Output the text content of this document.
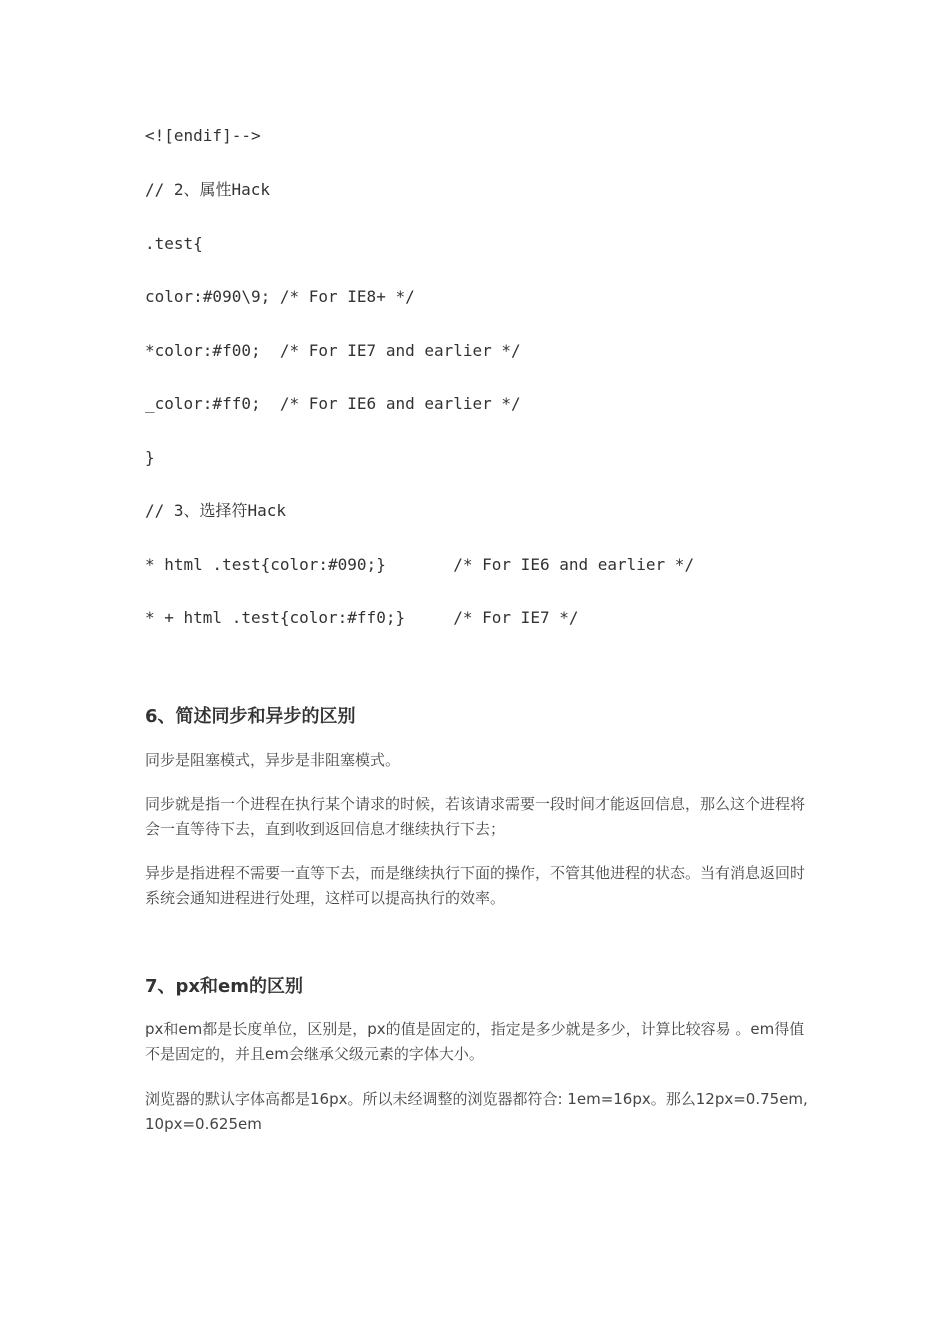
<![endif]-->

// 2、属性Hack

.test{

color:#090\9; /* For IE8+ */

*color:#f00;  /* For IE7 and earlier */

_color:#ff0;  /* For IE6 and earlier */

}

// 3、选择符Hack

* html .test{color:#090;}       /* For IE6 and earlier */

* + html .test{color:#ff0;}     /* For IE7 */

6、简述同步和异步的区别

同步是阻塞模式，异步是非阻塞模式。

同步就是指一个进程在执行某个请求的时候，若该请求需要一段时间才能返回信息，那么这个进程将会一直等待下去，直到收到返回信息才继续执行下去；

异步是指进程不需要一直等下去，而是继续执行下面的操作，不管其他进程的状态。当有消息返回时系统会通知进程进行处理，这样可以提高执行的效率。

7、px和em的区别

px和em都是长度单位，区别是，px的值是固定的，指定是多少就是多少，计算比较容易 。em得值不是固定的，并且em会继承父级元素的字体大小。

浏览器的默认字体高都是16px。所以未经调整的浏览器都符合: 1em=16px。那么12px=0.75em, 10px=0.625em
